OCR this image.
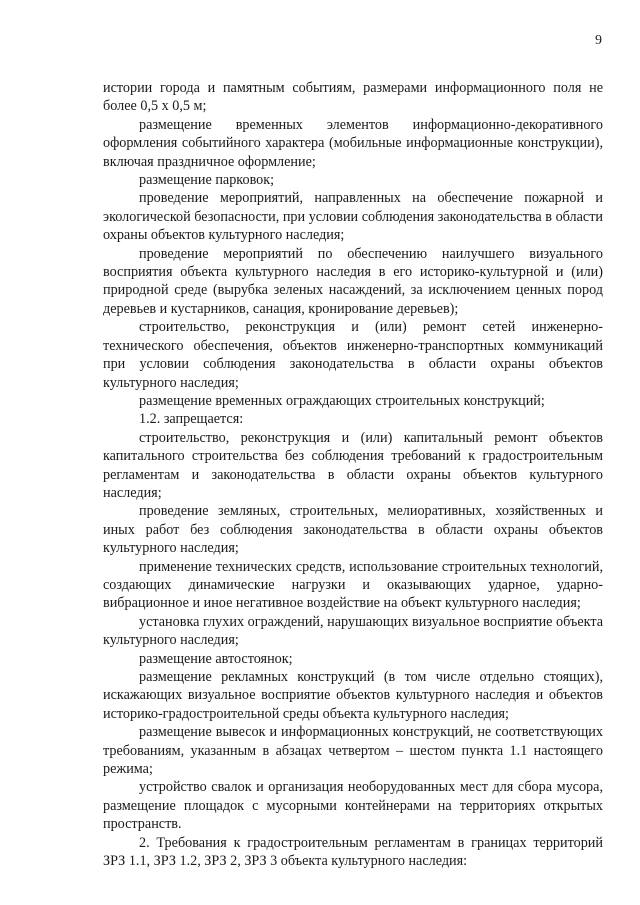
9

истории города и памятным событиям, размерами информационного поля не более 0,5 х 0,5 м;

размещение временных элементов информационно-декоративного оформления событийного характера (мобильные информационные конструкции), включая праздничное оформление;

размещение парковок;

проведение мероприятий, направленных на обеспечение пожарной и экологической безопасности, при условии соблюдения законодательства в области охраны объектов культурного наследия;

проведение мероприятий по обеспечению наилучшего визуального восприятия объекта культурного наследия в его историко-культурной и (или) природной среде (вырубка зеленых насаждений, за исключением ценных пород деревьев и кустарников, санация, кронирование деревьев);

строительство, реконструкция и (или) ремонт сетей инженерно-технического обеспечения, объектов инженерно-транспортных коммуникаций при условии соблюдения законодательства в области охраны объектов культурного наследия;

размещение временных ограждающих строительных конструкций;

1.2. запрещается:

строительство, реконструкция и (или) капитальный ремонт объектов капитального строительства без соблюдения требований к градостроительным регламентам и законодательства в области охраны объектов культурного наследия;

проведение земляных, строительных, мелиоративных, хозяйственных и иных работ без соблюдения законодательства в области охраны объектов культурного наследия;

применение технических средств, использование строительных технологий, создающих динамические нагрузки и оказывающих ударное, ударно-вибрационное и иное негативное воздействие на объект культурного наследия;

установка глухих ограждений, нарушающих визуальное восприятие объекта культурного наследия;

размещение автостоянок;

размещение рекламных конструкций (в том числе отдельно стоящих), искажающих визуальное восприятие объектов культурного наследия и объектов историко-градостроительной среды объекта культурного наследия;

размещение вывесок и информационных конструкций, не соответствующих требованиям, указанным в абзацах четвертом – шестом пункта 1.1 настоящего режима;

устройство свалок и организация необорудованных мест для сбора мусора, размещение площадок с мусорными контейнерами на территориях открытых пространств.

2. Требования к градостроительным регламентам в границах территорий ЗРЗ 1.1, ЗРЗ 1.2, ЗРЗ 2, ЗРЗ 3 объекта культурного наследия:
